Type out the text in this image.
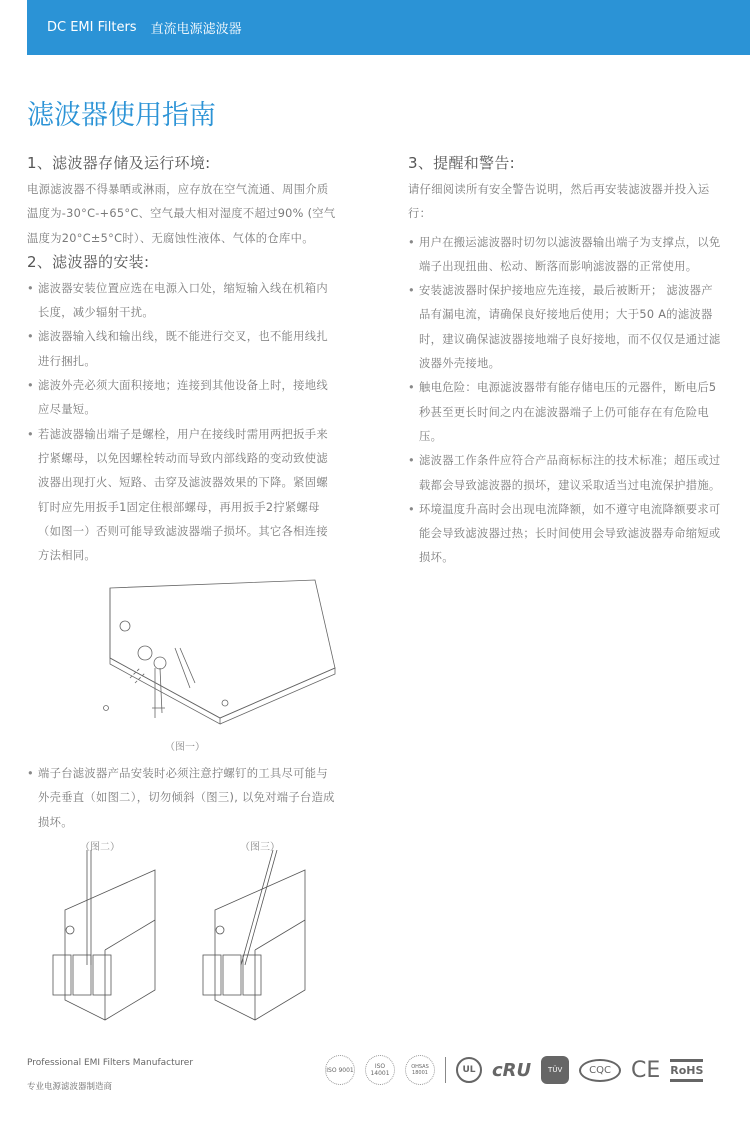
DC EMI Filters 直流电源滤波器
滤波器使用指南
1、滤波器存储及运行环境:

电源滤波器不得暴晒或淋雨，应存放在空气流通、周围介质温度为-30°C-+65°C、空气最大相对湿度不超过90% (空气温度为20°C±5°C时）、无腐蚀性液体、气体的仓库中。

2、滤波器的安装:
• 滤波器安装位置应选在电源入口处，缩短输入线在机箱内长度，减少辐射干扰。
• 滤波器输入线和输出线，既不能进行交叉，也不能用线扎进行捆扎。
• 滤波外壳必须大面积接地；连接到其他设备上时，接地线应尽量短。
• 若滤波器输出端子是螺栓，用户在接线时需用两把扳手来拧紧螺母，以免因螺栓转动而导致内部线路的变动致使滤波器出现打火、短路、击穿及滤波器效果的下降。紧固螺钉时应先用扳手1固定住根部螺母，再用扳手2拧紧螺母（如图一）否则可能导致滤波器端子损坏。其它各相连接方法相同。
（图一）
• 端子台滤波器产品安装时必须注意拧螺钉的工具尽可能与外壳垂直（如图二），切勿倾斜（图三), 以免对端子台造成损坏。
（图二）	（图三）
3、提醒和警告:

请仔细阅读所有安全警告说明，然后再安装滤波器并投入运行：

• 用户在搬运滤波器时切勿以滤波器输出端子为支撑点，以免端子出现扭曲、松动、断落而影响滤波器的正常使用。
• 安装滤波器时保护接地应先连接，最后被断开； 滤波器产品有漏电流，请确保良好接地后使用；大于50 A的滤波器时，建议确保滤波器接地端子良好接地，而不仅仅是通过滤波器外壳接地。
• 触电危险：电源滤波器带有能存储电压的元器件，断电后5秒甚至更长时间之内在滤波器端子上仍可能存在有危险电压。
• 滤波器工作条件应符合产品商标标注的技术标准；超压或过载都会导致滤波器的损坏，建议采取适当过电流保护措施。
• 环境温度升高时会出现电流降额，如不遵守电流降额要求可能会导致滤波器过热；长时间使用会导致滤波器寿命缩短或损坏。
Professional EMI Filters Manufacturer
专业电源滤波器制造商
ISO 9001	ISO 14001
OHSAS 18001	UL cRU	TÜV	CQC CE RoHS
